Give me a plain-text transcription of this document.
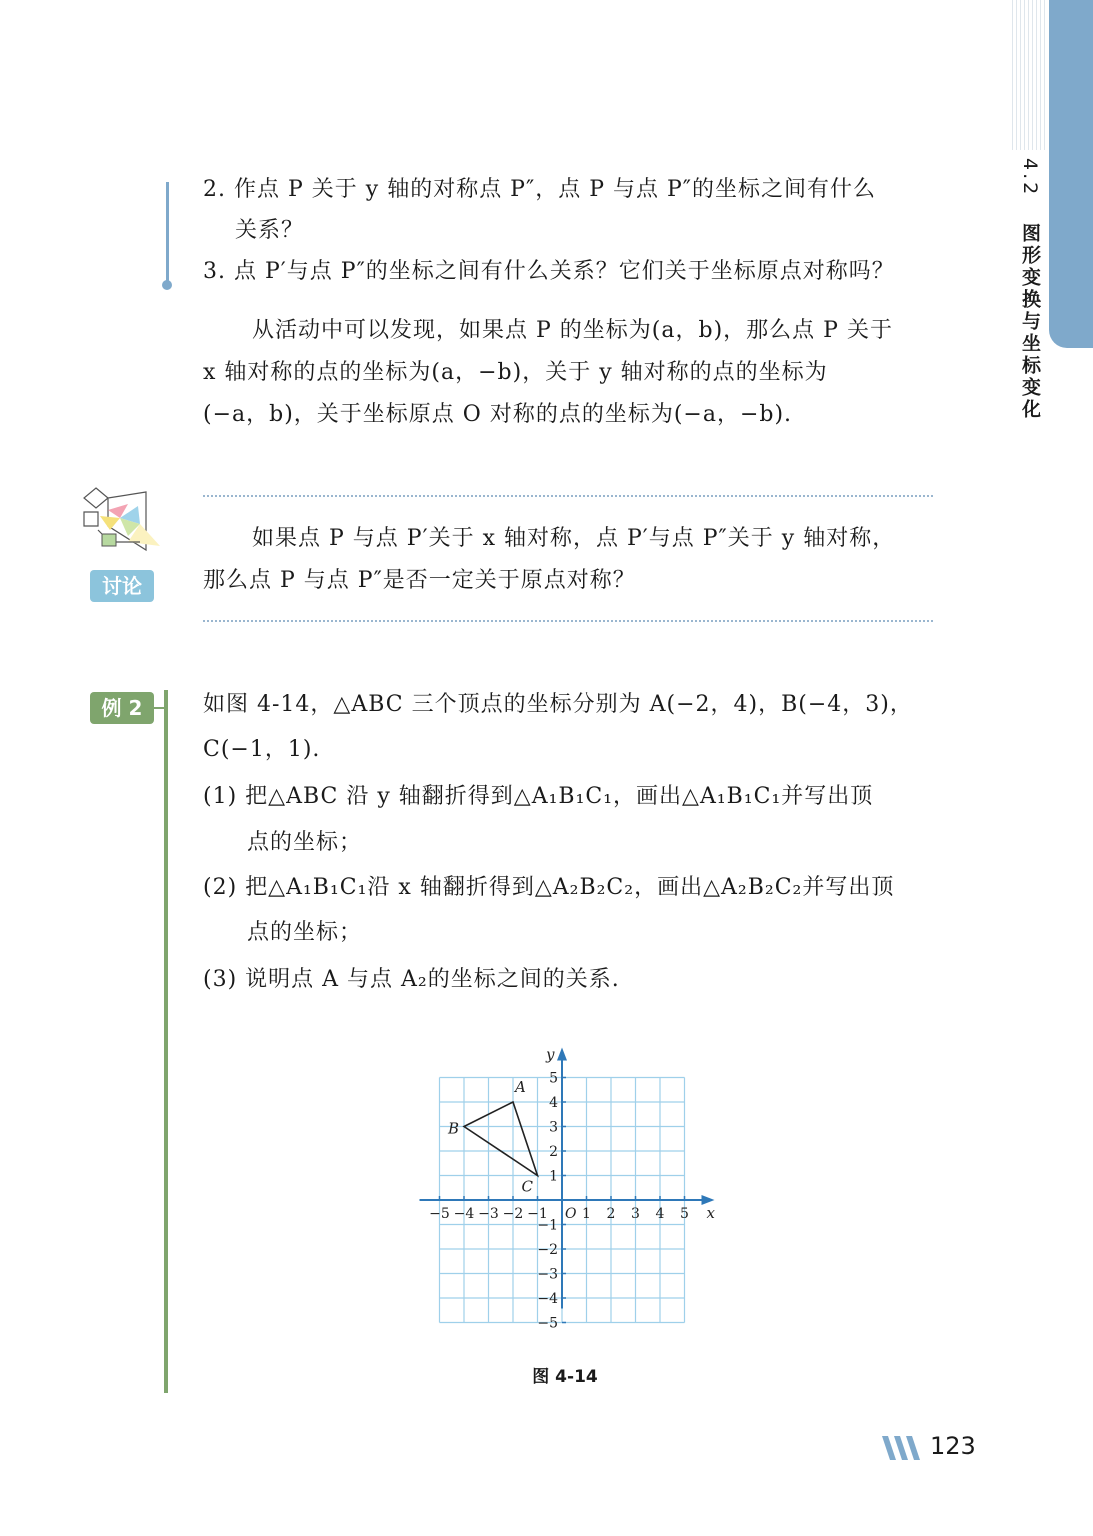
4.2 图形变换与坐标变化
2. 作点 P 关于 y 轴的对称点 P″，点 P 与点 P″的坐标之间有什么
关系？
3. 点 P′与点 P″的坐标之间有什么关系？它们关于坐标原点对称吗？
从活动中可以发现，如果点 P 的坐标为(a，b)，那么点 P 关于
x 轴对称的点的坐标为(a，−b)，关于 y 轴对称的点的坐标为
(−a，b)，关于坐标原点 O 对称的点的坐标为(−a，−b).
讨论
如果点 P 与点 P′关于 x 轴对称，点 P′与点 P″关于 y 轴对称，
那么点 P 与点 P″是否一定关于原点对称？
例 2	如图 4-14，△ABC 三个顶点的坐标分别为 A(−2，4)，B(−4，3)，
C(−1，1).
(1) 把△ABC 沿 y 轴翻折得到△A₁B₁C₁，画出△A₁B₁C₁并写出顶
点的坐标；
(2) 把△A₁B₁C₁沿 x 轴翻折得到△A₂B₂C₂，画出△A₂B₂C₂并写出顶
点的坐标；
(3) 说明点 A 与点 A₂的坐标之间的关系.
−5 −4 −3 −2 −1 1 2 3 4 5
1
2
3
4
5
−1
−2
−3
−4
−5
O	x
y
A
B
C
图 4-14
123
